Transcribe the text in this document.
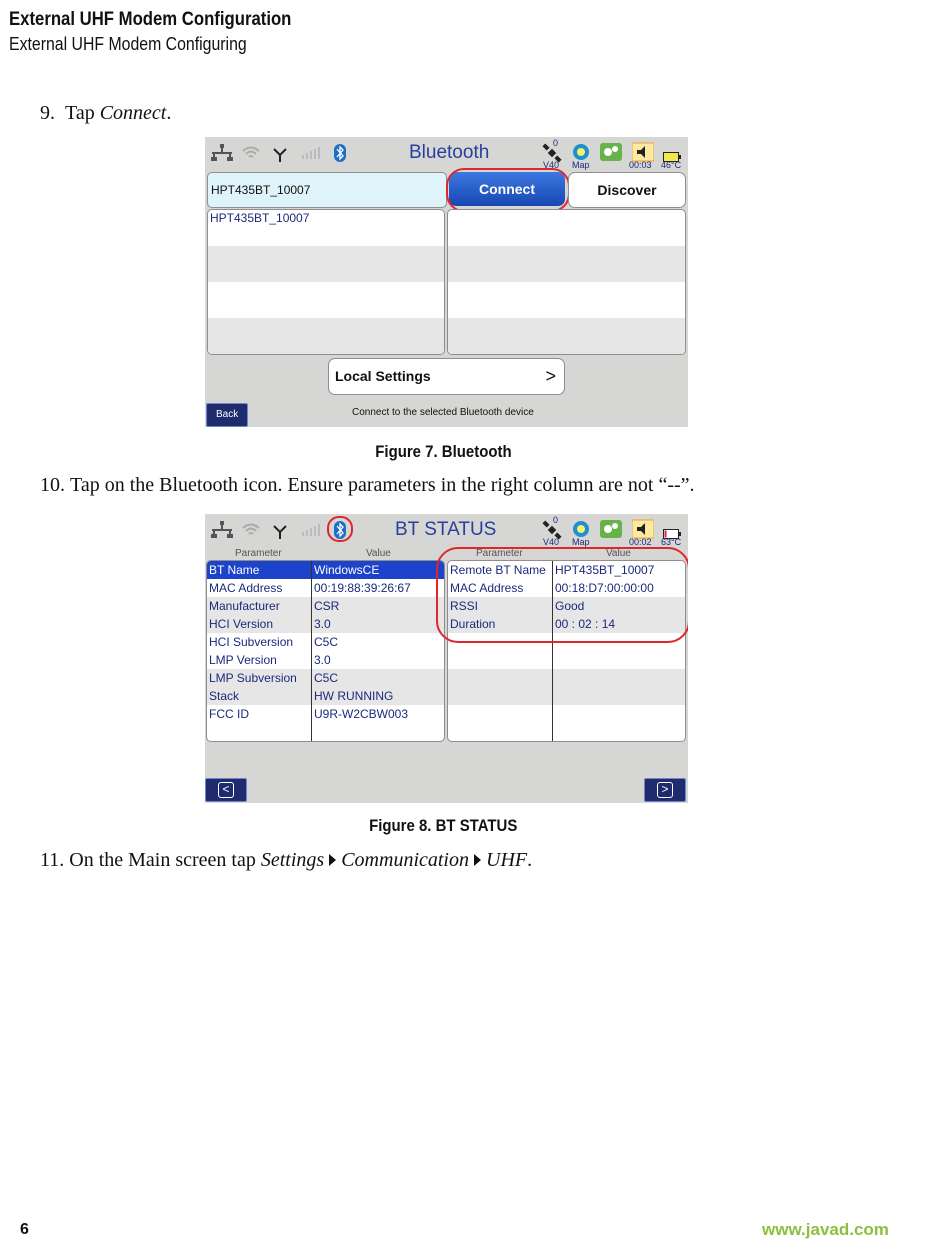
External UHF Modem Configuration
External UHF Modem Configuring
9. Tap Connect.
Bluetooth	0
V40 Map	00:03 46°C
HPT435BT_10007	Connect	Discover
HPT435BT_10007
Local Settings	>
Back	Connect to the selected Bluetooth device
Figure 7. Bluetooth
10. Tap on the Bluetooth icon. Ensure parameters in the right column are not “--”.
BT STATUS	0
V40 Map	00:02 63°C
Parameter	Value	Parameter	Value
BT Name	WindowsCE
MAC Address	00:19:88:39:26:67
Manufacturer	CSR
HCI Version	3.0
HCI Subversion C5C
LMP Version	3.0
LMP Subversion C5C
Stack	HW RUNNING
FCC ID	U9R-W2CBW003
Remote BT Name HPT435BT_10007
MAC Address	00:18:D7:00:00:00
RSSI	Good
Duration	00 : 02 : 14
<	>
Figure 8. BT STATUS
11. On the Main screen tap Settings Communication UHF.
6	www.javad.com
